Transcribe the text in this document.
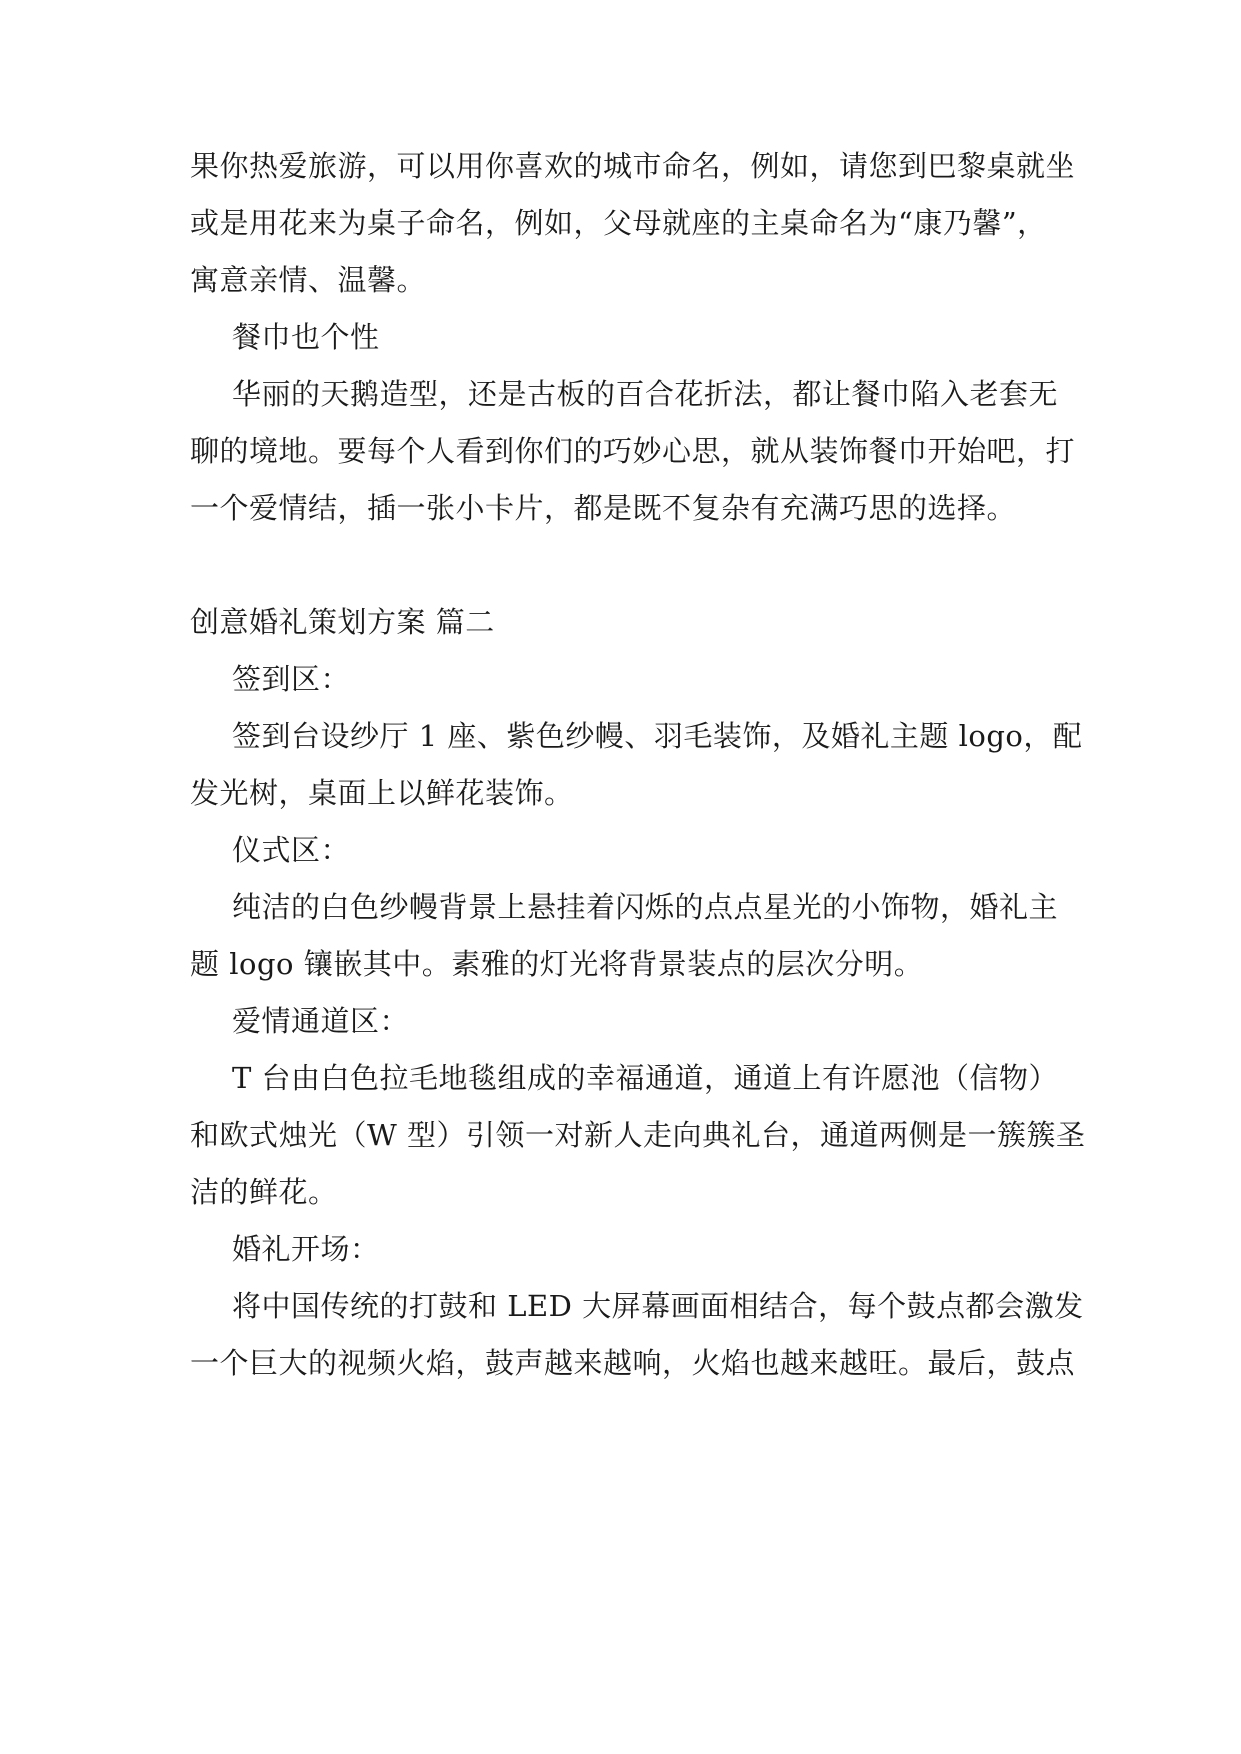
果你热爱旅游，可以用你喜欢的城市命名，例如，请您到巴黎桌就坐
或是用花来为桌子命名，例如，父母就座的主桌命名为“康乃馨”，
寓意亲情、温馨。
餐巾也个性
华丽的天鹅造型，还是古板的百合花折法，都让餐巾陷入老套无
聊的境地。要每个人看到你们的巧妙心思，就从装饰餐巾开始吧，打
一个爱情结，插一张小卡片，都是既不复杂有充满巧思的选择。
创意婚礼策划方案 篇二
签到区：
签到台设纱厅 1 座、紫色纱幔、羽毛装饰，及婚礼主题 logo，配
发光树，桌面上以鲜花装饰。
仪式区：
纯洁的白色纱幔背景上悬挂着闪烁的点点星光的小饰物，婚礼主
题 logo 镶嵌其中。素雅的灯光将背景装点的层次分明。
爱情通道区：
T 台由白色拉毛地毯组成的幸福通道，通道上有许愿池（信物）
和欧式烛光（W 型）引领一对新人走向典礼台，通道两侧是一簇簇圣
洁的鲜花。
婚礼开场：
将中国传统的打鼓和 LED 大屏幕画面相结合，每个鼓点都会激发
一个巨大的视频火焰，鼓声越来越响，火焰也越来越旺。最后，鼓点
